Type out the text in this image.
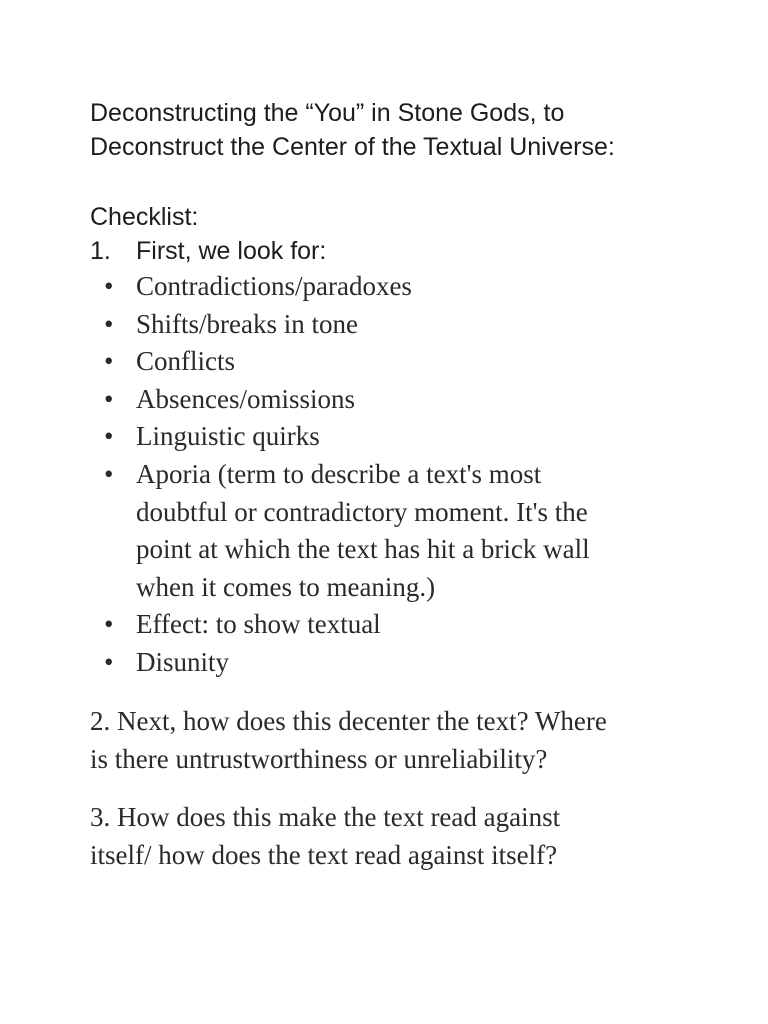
Deconstructing the “You” in Stone Gods, to
Deconstruct the Center of the Textual Universe:
Checklist:
1. First, we look for:
• Contradictions/paradoxes
• Shifts/breaks in tone
• Conflicts
• Absences/omissions
• Linguistic quirks
• Aporia (term to describe a text's most
doubtful or contradictory moment. It's the
point at which the text has hit a brick wall
when it comes to meaning.)
• Effect: to show textual
• Disunity
2. Next, how does this decenter the text? Where
is there untrustworthiness or unreliability?
3. How does this make the text read against
itself/ how does the text read against itself?
